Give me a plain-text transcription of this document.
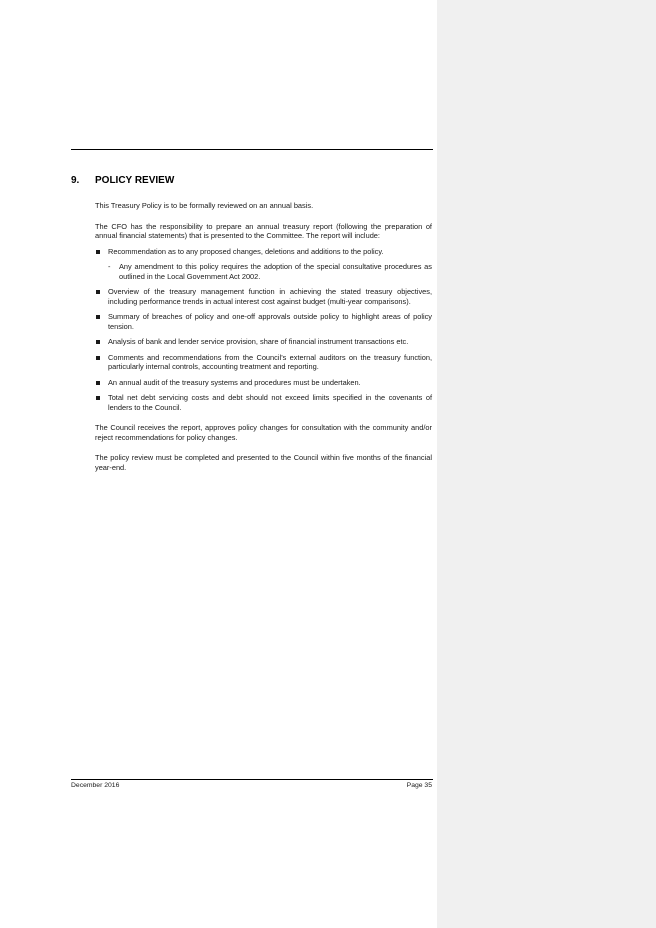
9. POLICY REVIEW

This Treasury Policy is to be formally reviewed on an annual basis.

The CFO has the responsibility to prepare an annual treasury report (following the preparation of annual financial statements) that is presented to the Committee. The report will include:

Recommendation as to any proposed changes, deletions and additions to the policy.
- Any amendment to this policy requires the adoption of the special consultative procedures as outlined in the Local Government Act 2002.
Overview of the treasury management function in achieving the stated treasury objectives, including performance trends in actual interest cost against budget (multi-year comparisons).
Summary of breaches of policy and one-off approvals outside policy to highlight areas of policy tension.
Analysis of bank and lender service provision, share of financial instrument transactions etc.
Comments and recommendations from the Council’s external auditors on the treasury function, particularly internal controls, accounting treatment and reporting.
An annual audit of the treasury systems and procedures must be undertaken.
Total net debt servicing costs and debt should not exceed limits specified in the covenants of lenders to the Council.

The Council receives the report, approves policy changes for consultation with the community and/or reject recommendations for policy changes.

The policy review must be completed and presented to the Council within five months of the financial year-end.

December 2016	Page 35
